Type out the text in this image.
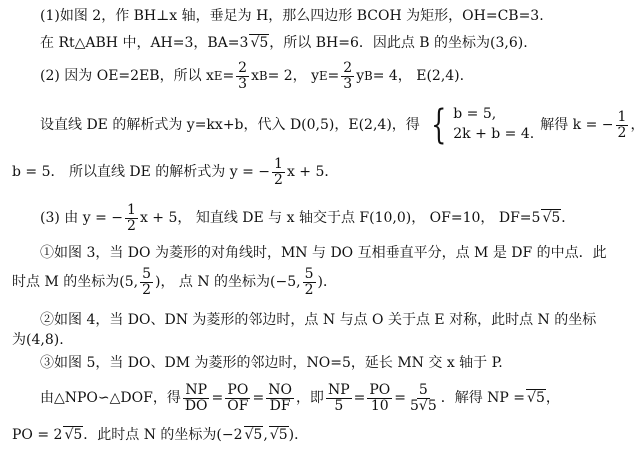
(1)如图 2，作 BH⊥x 轴，垂足为 H，那么四边形 BCOH 为矩形，OH=CB=3.
在 Rt△ABH 中，AH=3，BA=3 √5 ，所以 BH=6．因此点 B 的坐标为(3,6).
(2) 因为 OE=2EB，所以 x $E = \frac{2}{3}$ x B = 2， y $E = \frac{2}{3}$ y B = 4， E(2,4).
设直线 DE 的解析式为 y=kx+b，代入 D(0,5)，E(2,4)，得 { b = 5,
2k + b = 4.
解得 k = − $\frac{1}{2}$ ，
b = 5． 所以直线 DE 的解析式为 y = − $\frac{1}{2}$ x + 5．
(3) 由 y = − $\frac{1}{2}$ x + 5， 知直线 DE 与 x 轴交于点 F(10,0)， OF=10， DF=5 √5 ．
①如图 3，当 DO 为菱形的对角线时，MN 与 DO 互相垂直平分，点 M 是 DF 的中点．此
时点 M 的坐标为(5, $\frac{5}{2}$ )， 点 N 的坐标为(−5, $\frac{5}{2}$ )．
②如图 4，当 DO、DN 为菱形的邻边时，点 N 与点 O 关于点 E 对称，此时点 N 的坐标
为(4,8).
③如图 5，当 DO、DM 为菱形的邻边时，NO=5，延长 MN 交 x 轴于 P.
由△NPO∽△DOF，得 $\frac{NP}{DO} = \frac{PO}{OF} = \frac{NO}{DF}$ ，即 $\frac{NP}{5} = \frac{PO}{10} = \frac{5}{5√5}$ ．解得 NP = √5 ，
PO = 2 √5 ．此时点 N 的坐标为(−2 √5 , √5 )．
